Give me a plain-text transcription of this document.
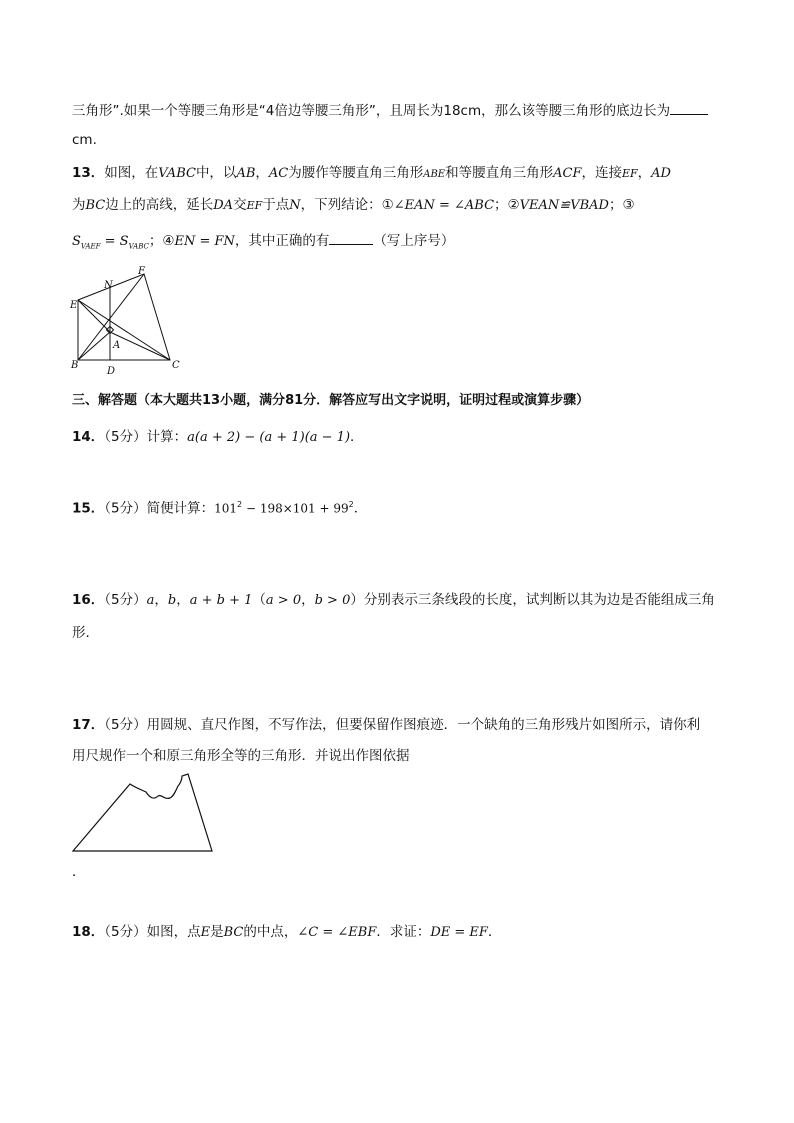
三角形”.如果一个等腰三角形是“4倍边等腰三角形”，且周长为18cm，那么该等腰三角形的底边长为
cm.
13．如图，在VABC中，以AB，AC为腰作等腰直角三角形ABE和等腰直角三角形ACF，连接EF，AD
为BC边上的高线，延长DA交EF于点N，下列结论：①∠EAN = ∠ABC；②VEAN≌VBAD；③
$S_{VAEF} = S_{VABC}$；④EN = FN，其中正确的有	（写上序号）
F
N
E
A
B
D
C
三、解答题（本大题共13小题，满分81分．解答应写出文字说明，证明过程或演算步骤）
14．（5分）计算：a(a + 2) − (a + 1)(a − 1)．
15．（5分）简便计算：$101^2 - 198\times 101 + 99^2$．
16．（5分）a，b，a + b + 1（a > 0，b > 0）分别表示三条线段的长度，试判断以其为边是否能组成三角
形．
17．（5分）用圆规、直尺作图，不写作法，但要保留作图痕迹．一个缺角的三角形残片如图所示，请你利
用尺规作一个和原三角形全等的三角形．并说出作图依据
．
18．（5分）如图，点E是BC的中点，∠C = ∠EBF．求证：DE = EF．
